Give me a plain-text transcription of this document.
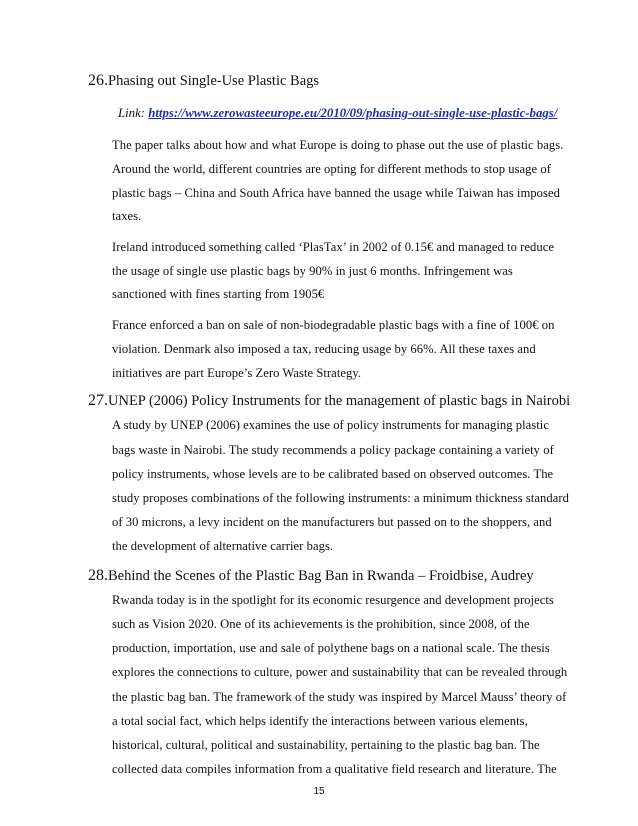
26.Phasing out Single-Use Plastic Bags
Link: https://www.zerowasteeurope.eu/2010/09/phasing-out-single-use-plastic-bags/
The paper talks about how and what Europe is doing to phase out the use of plastic bags.
Around the world, different countries are opting for different methods to stop usage of
plastic bags – China and South Africa have banned the usage while Taiwan has imposed
taxes.
Ireland introduced something called ‘PlasTax’ in 2002 of 0.15€ and managed to reduce
the usage of single use plastic bags by 90% in just 6 months. Infringement was
sanctioned with fines starting from 1905€
France enforced a ban on sale of non-biodegradable plastic bags with a fine of 100€ on
violation. Denmark also imposed a tax, reducing usage by 66%. All these taxes and
initiatives are part Europe’s Zero Waste Strategy.
27.UNEP (2006) Policy Instruments for the management of plastic bags in Nairobi
A study by UNEP (2006) examines the use of policy instruments for managing plastic
bags waste in Nairobi. The study recommends a policy package containing a variety of
policy instruments, whose levels are to be calibrated based on observed outcomes. The
study proposes combinations of the following instruments: a minimum thickness standard
of 30 microns, a levy incident on the manufacturers but passed on to the shoppers, and
the development of alternative carrier bags.
28.Behind the Scenes of the Plastic Bag Ban in Rwanda – Froidbise, Audrey
Rwanda today is in the spotlight for its economic resurgence and development projects
such as Vision 2020. One of its achievements is the prohibition, since 2008, of the
production, importation, use and sale of polythene bags on a national scale. The thesis
explores the connections to culture, power and sustainability that can be revealed through
the plastic bag ban. The framework of the study was inspired by Marcel Mauss’ theory of
a total social fact, which helps identify the interactions between various elements,
historical, cultural, political and sustainability, pertaining to the plastic bag ban. The
collected data compiles information from a qualitative field research and literature. The
15
